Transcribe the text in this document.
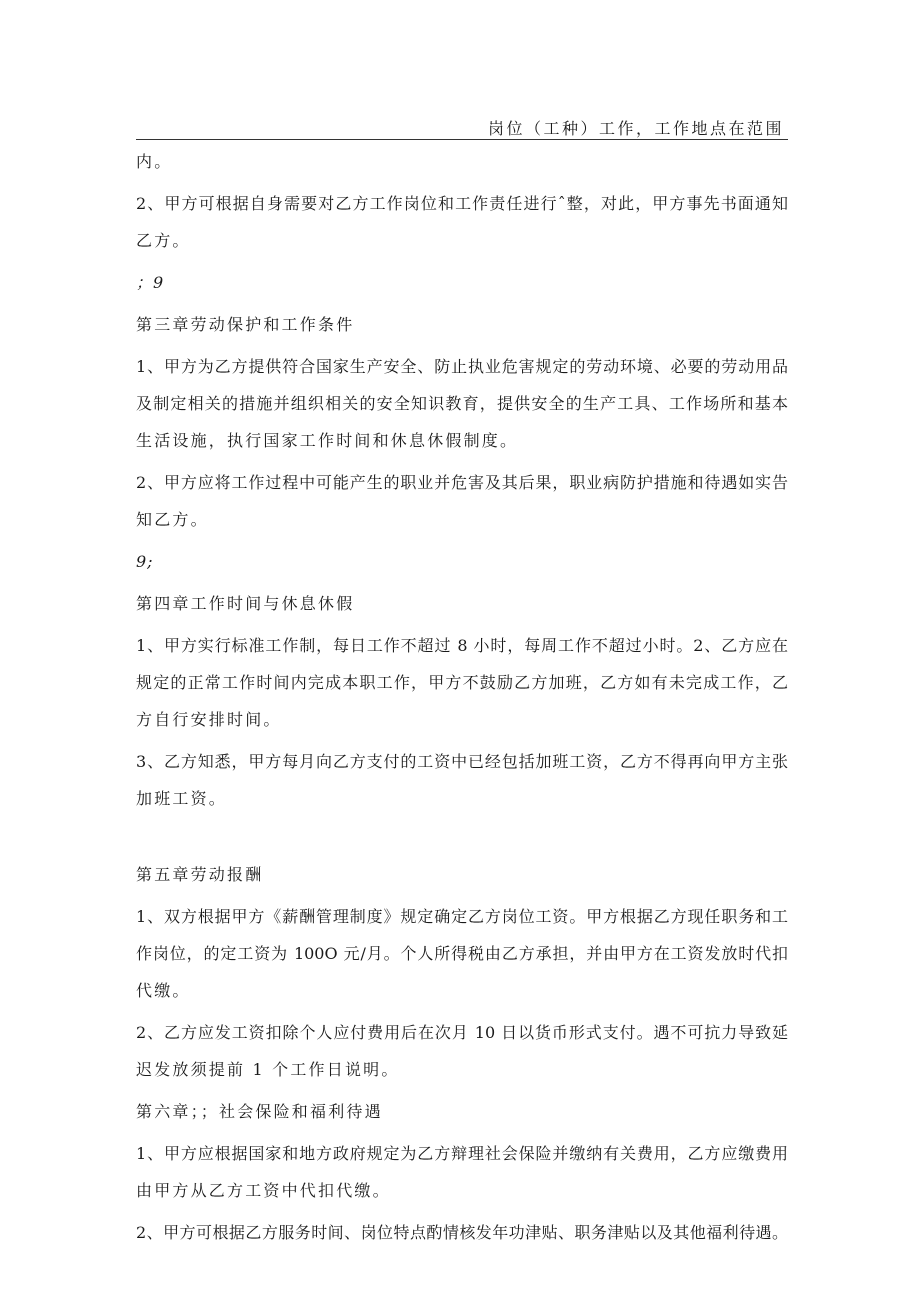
岗位（工种）工作，工作地点在范围
内。
2、甲方可根据自身需要对乙方工作岗位和工作责任进行ˆ整，对此，甲方事先书面通知
乙方。
；9
第三章劳动保护和工作条件
1、甲方为乙方提供符合国家生产安全、防止执业危害规定的劳动环境、必要的劳动用品
及制定相关的措施并组织相关的安全知识教育，提供安全的生产工具、工作场所和基本
生活设施，执行国家工作时间和休息休假制度。
2、甲方应将工作过程中可能产生的职业并危害及其后果，职业病防护措施和待遇如实告
知乙方。
9;
第四章工作时间与休息休假
1、甲方实行标准工作制，每日工作不超过 8 小时，每周工作不超过小时。2、乙方应在
规定的正常工作时间内完成本职工作，甲方不鼓励乙方加班，乙方如有未完成工作，乙
方自行安排时间。
3、乙方知悉，甲方每月向乙方支付的工资中已经包括加班工资，乙方不得再向甲方主张
加班工资。
第五章劳动报酬
1、双方根据甲方《薪酬管理制度》规定确定乙方岗位工资。甲方根据乙方现任职务和工
作岗位，的定工资为 100O 元/月。个人所得税由乙方承担，并由甲方在工资发放时代扣
代缴。
2、乙方应发工资扣除个人应付费用后在次月 10 日以货币形式支付。遇不可抗力导致延
迟发放须提前 1 个工作日说明。
第六章；；社会保险和福利待遇
1、甲方应根据国家和地方政府规定为乙方辩理社会保险并缴纳有关费用，乙方应缴费用
由甲方从乙方工资中代扣代缴。
2、甲方可根据乙方服务时间、岗位特点酌情核发年功津贴、职务津贴以及其他福利待遇。
